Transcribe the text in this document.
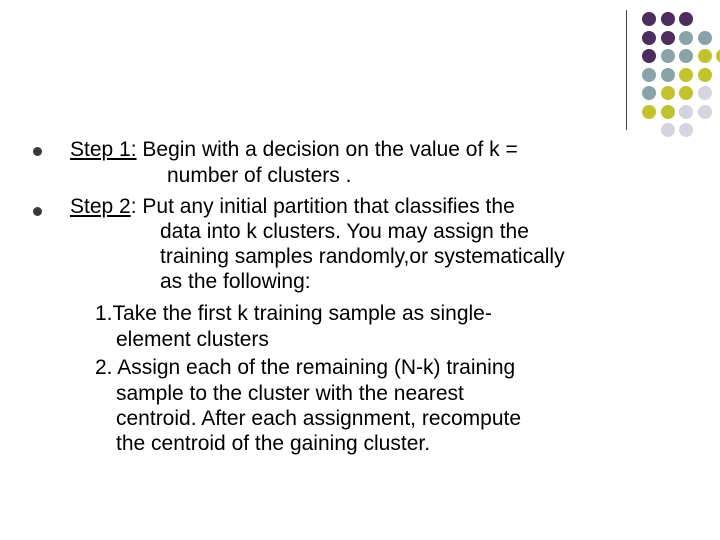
Step 1: Begin with a decision on the value of k =
number of clusters .
Step 2: Put any initial partition that classifies the
data into k clusters. You may assign the
training samples randomly,or systematically
as the following:
1.Take the first k training sample as single-
element clusters
2. Assign each of the remaining (N-k) training
sample to the cluster with the nearest
centroid. After each assignment, recompute
the centroid of the gaining cluster.
